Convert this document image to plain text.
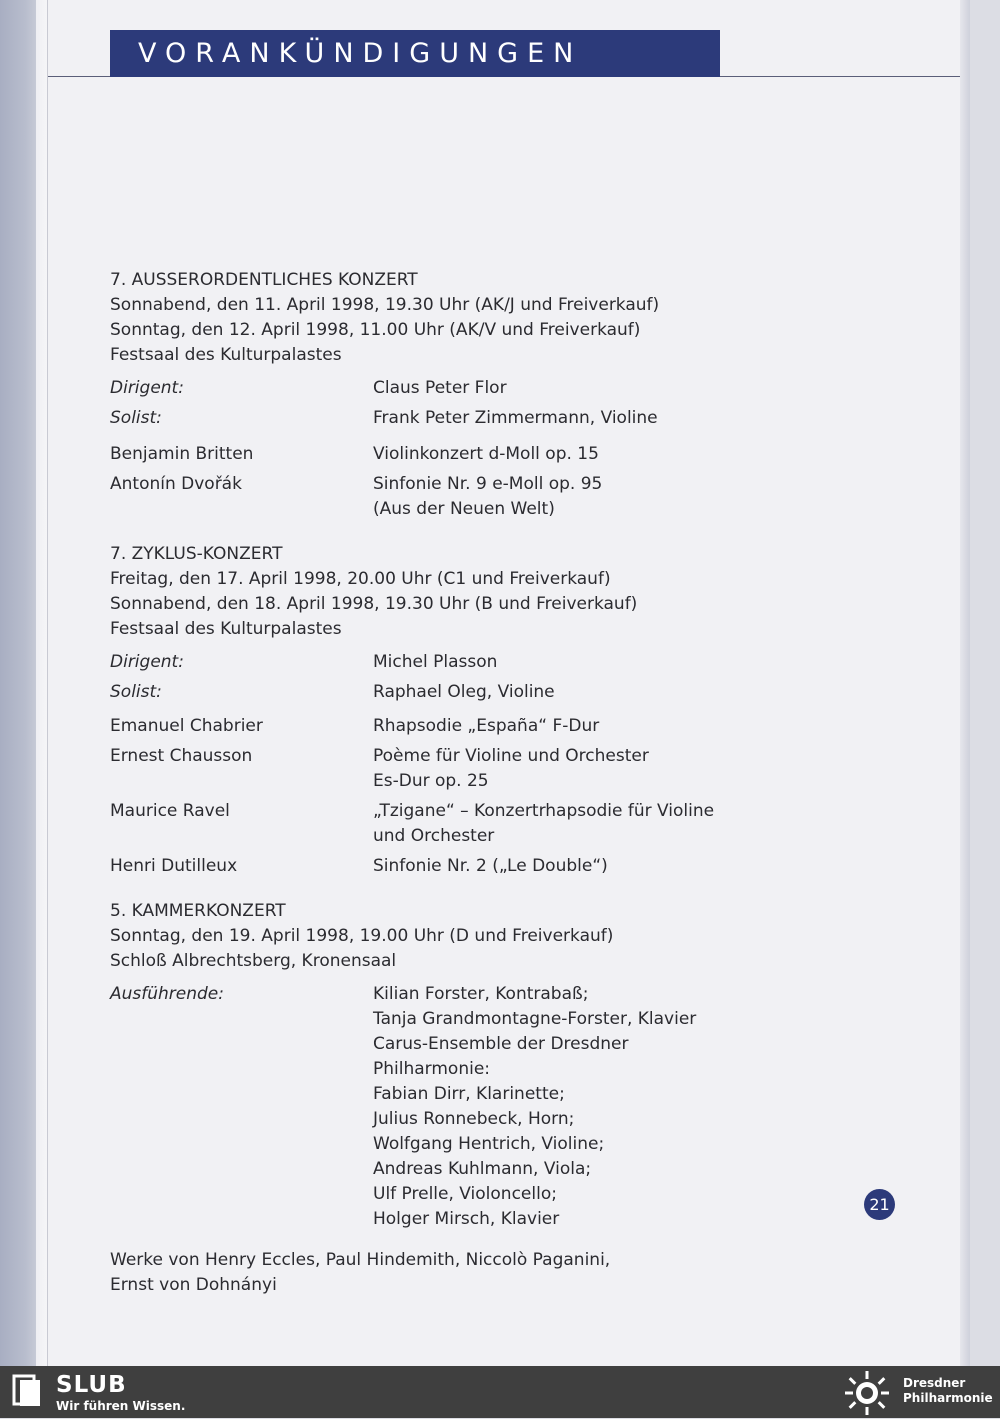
VORANKÜNDIGUNGEN

7. AUSSERORDENTLICHES KONZERT

Sonnabend, den 11. April 1998, 19.30 Uhr (AK/J und Freiverkauf)

Sonntag, den 12. April 1998, 11.00 Uhr (AK/V und Freiverkauf)

Festsaal des Kulturpalastes

Dirigent:	Claus Peter Flor
Solist:	Frank Peter Zimmermann, Violine
Benjamin Britten	Violinkonzert d-Moll op. 15
Antonín Dvořák	Sinfonie Nr. 9 e-Moll op. 95
(Aus der Neuen Welt)

7. ZYKLUS-KONZERT

Freitag, den 17. April 1998, 20.00 Uhr (C1 und Freiverkauf)

Sonnabend, den 18. April 1998, 19.30 Uhr (B und Freiverkauf)

Festsaal des Kulturpalastes

Dirigent:	Michel Plasson
Solist:	Raphael Oleg, Violine
Emanuel Chabrier	Rhapsodie „España“ F-Dur
Ernest Chausson	Poème für Violine und Orchester
Es-Dur op. 25
Maurice Ravel	„Tzigane“ – Konzertrhapsodie für Violine
und Orchester
Henri Dutilleux	Sinfonie Nr. 2 („Le Double“)

5. KAMMERKONZERT

Sonntag, den 19. April 1998, 19.00 Uhr (D und Freiverkauf)

Schloß Albrechtsberg, Kronensaal

Ausführende:	Kilian Forster, Kontrabaß;
Tanja Grandmontagne-Forster, Klavier
Carus-Ensemble der Dresdner Philharmonie:
Fabian Dirr, Klarinette;
Julius Ronnebeck, Horn;
Wolfgang Hentrich, Violine;
Andreas Kuhlmann, Viola;
Ulf Prelle, Violoncello;
Holger Mirsch, Klavier
Werke von Henry Eccles, Paul Hindemith, Niccolò Paganini,
Ernst von Dohnányi
21
SLUB
Wir führen Wissen.
Dresdner
Philharmonie
